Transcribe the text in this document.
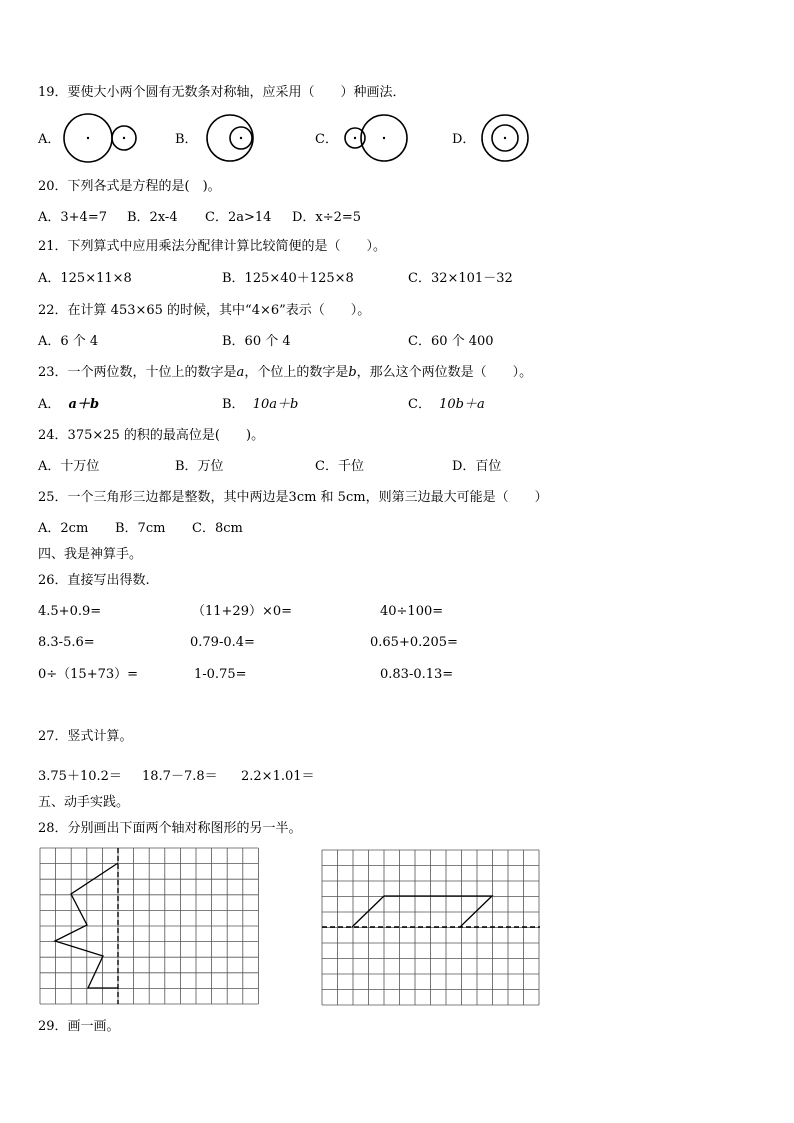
19．要使大小两个圆有无数条对称轴，应采用（　　）种画法．
A．	B．	C．	D．
20．下列各式是方程的是(　)。
A．3+4=7 B．2x-4 C．2a>14 D．x÷2=5
21．下列算式中应用乘法分配律计算比较简便的是（　　）。
A．125×11×8	B．125×40＋125×8	C．32×101－32
22．在计算 453×65 的时候，其中“4×6”表示（　　）。
A．6 个 4	B．60 个 4	C．60 个 400
23．一个两位数，十位上的数字是a，个位上的数字是b，那么这个两位数是（　　）。
A． a＋b	B． 10a＋b	C． 10b＋a
24．375×25 的积的最高位是(　　)。
A．十万位	B．万位	C．千位	D．百位
25．一个三角形三边都是整数，其中两边是3cm 和 5cm，则第三边最大可能是（　　）
A．2cm B．7cm C．8cm
四、我是神算手。
26．直接写出得数.
4.5+0.9=	（11+29）×0=	40÷100=
8.3-5.6=	0.79-0.4=	0.65+0.205=
0÷（15+73）=	1-0.75=	0.83-0.13=
27．竖式计算。
3.75＋10.2＝ 18.7－7.8＝ 2.2×1.01＝
五、动手实践。
28．分别画出下面两个轴对称图形的另一半。
29．画一画。
